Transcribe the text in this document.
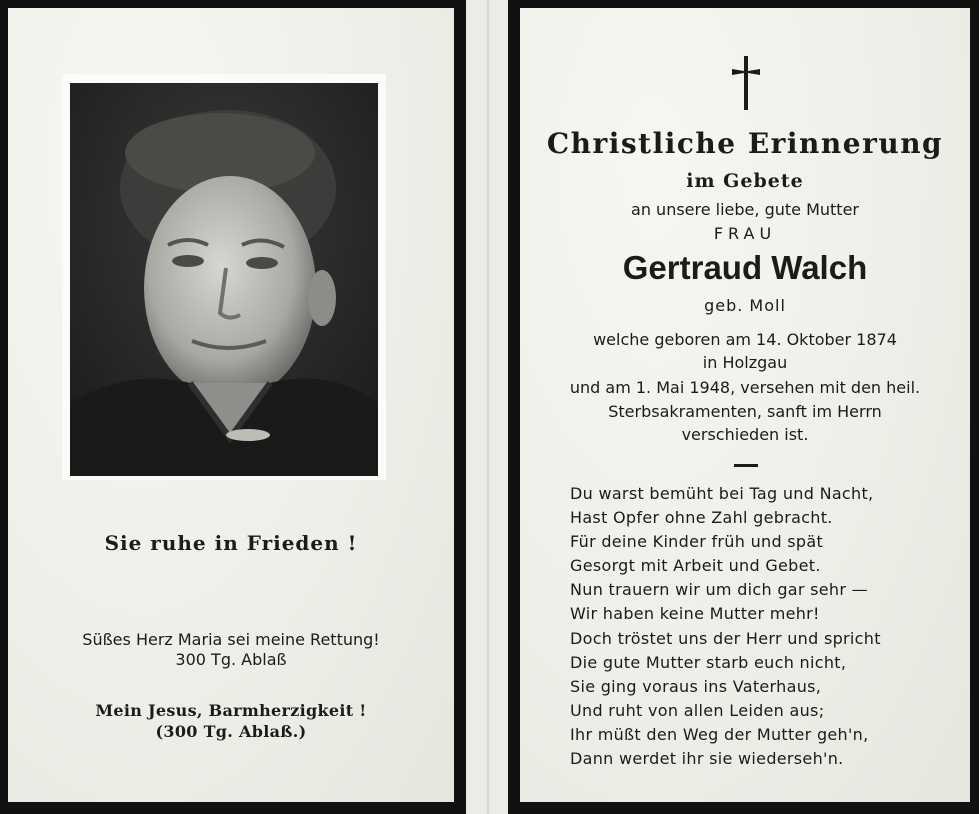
Sie ruhe in Frieden !
Süßes Herz Maria sei meine Rettung!
300 Tg. Ablaß
Mein Jesus, Barmherzigkeit !
(300 Tg. Ablaß.)
Christliche Erinnerung
im Gebete
an unsere liebe, gute Mutter
FRAU
Gertraud Walch
geb. Moll
welche geboren am 14. Oktober 1874
in Holzgau
und am 1. Mai 1948, versehen mit den heil.
Sterbsakramenten, sanft im Herrn
verschieden ist.
Du warst bemüht bei Tag und Nacht,
Hast Opfer ohne Zahl gebracht.
Für deine Kinder früh und spät
Gesorgt mit Arbeit und Gebet.
Nun trauern wir um dich gar sehr —
Wir haben keine Mutter mehr!
Doch tröstet uns der Herr und spricht
Die gute Mutter starb euch nicht,
Sie ging voraus ins Vaterhaus,
Und ruht von allen Leiden aus;
Ihr müßt den Weg der Mutter geh'n,
Dann werdet ihr sie wiederseh'n.
